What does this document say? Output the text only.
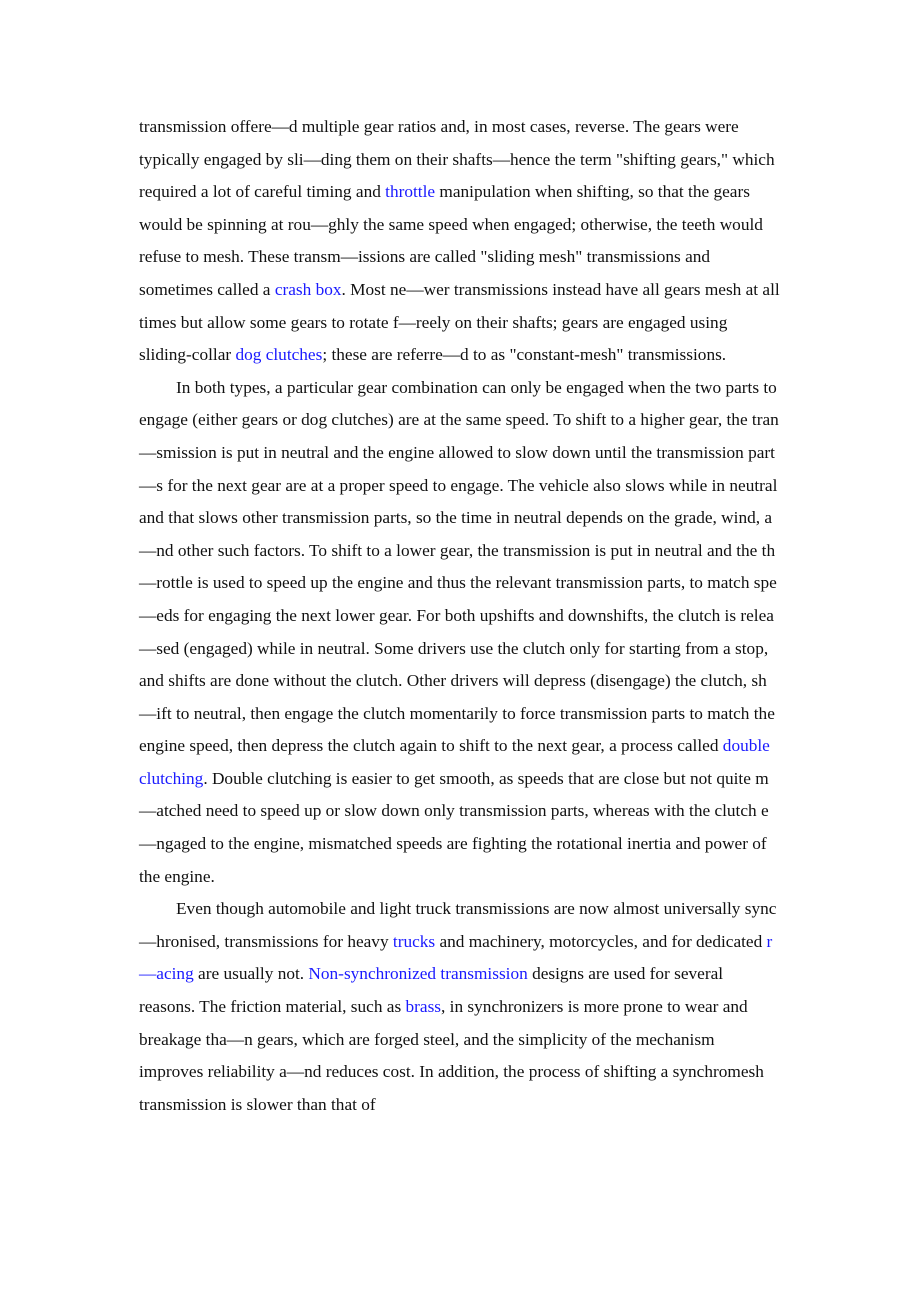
transmission offere—d multiple gear ratios and, in most cases, reverse. The gears were typically engaged by sli—ding them on their shafts—hence the term "shifting gears," which required a lot of careful timing and throttle manipulation when shifting, so that the gears would be spinning at rou—ghly the same speed when engaged; otherwise, the teeth would refuse to mesh. These transm—issions are called "sliding mesh" transmissions and sometimes called a crash box. Most ne—wer transmissions instead have all gears mesh at all times but allow some gears to rotate f—reely on their shafts; gears are engaged using sliding-collar dog clutches; these are referre—d to as "constant-mesh" transmissions.

In both types, a particular gear combination can only be engaged when the two parts to engage (either gears or dog clutches) are at the same speed. To shift to a higher gear, the tran—smission is put in neutral and the engine allowed to slow down until the transmission part—s for the next gear are at a proper speed to engage. The vehicle also slows while in neutral and that slows other transmission parts, so the time in neutral depends on the grade, wind, a—nd other such factors. To shift to a lower gear, the transmission is put in neutral and the th—rottle is used to speed up the engine and thus the relevant transmission parts, to match spe—eds for engaging the next lower gear. For both upshifts and downshifts, the clutch is relea—sed (engaged) while in neutral. Some drivers use the clutch only for starting from a stop, and shifts are done without the clutch. Other drivers will depress (disengage) the clutch, sh—ift to neutral, then engage the clutch momentarily to force transmission parts to match the engine speed, then depress the clutch again to shift to the next gear, a process called double clutching. Double clutching is easier to get smooth, as speeds that are close but not quite m—atched need to speed up or slow down only transmission parts, whereas with the clutch e—ngaged to the engine, mismatched speeds are fighting the rotational inertia and power of the engine.

Even though automobile and light truck transmissions are now almost universally sync—hronised, transmissions for heavy trucks and machinery, motorcycles, and for dedicated r—acing are usually not. Non-synchronized transmission designs are used for several reasons. The friction material, such as brass, in synchronizers is more prone to wear and breakage tha—n gears, which are forged steel, and the simplicity of the mechanism improves reliability a—nd reduces cost. In addition, the process of shifting a synchromesh transmission is slower than that of
